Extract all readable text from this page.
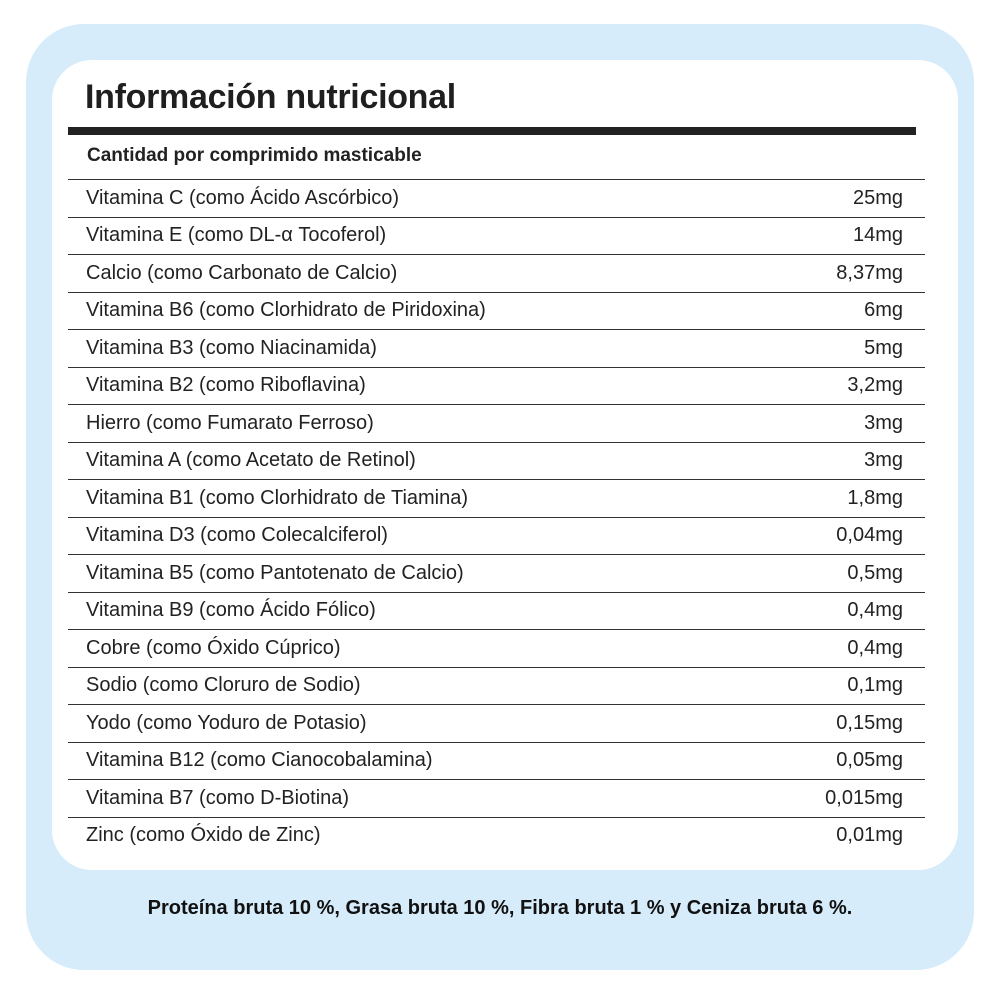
Información nutricional
Cantidad por comprimido masticable
Vitamina C (como Ácido Ascórbico)	25mg
Vitamina E (como DL-α Tocoferol)	14mg
Calcio (como Carbonato de Calcio)	8,37mg
Vitamina B6 (como Clorhidrato de Piridoxina)	6mg
Vitamina B3 (como Niacinamida)	5mg
Vitamina B2 (como Riboflavina)	3,2mg
Hierro (como Fumarato Ferroso)	3mg
Vitamina A (como Acetato de Retinol)	3mg
Vitamina B1 (como Clorhidrato de Tiamina)	1,8mg
Vitamina D3 (como Colecalciferol)	0,04mg
Vitamina B5 (como Pantotenato de Calcio)	0,5mg
Vitamina B9 (como Ácido Fólico)	0,4mg
Cobre (como Óxido Cúprico)	0,4mg
Sodio (como Cloruro de Sodio)	0,1mg
Yodo (como Yoduro de Potasio)	0,15mg
Vitamina B12 (como Cianocobalamina)	0,05mg
Vitamina B7 (como D-Biotina)	0,015mg
Zinc (como Óxido de Zinc)	0,01mg
Proteína bruta 10 %, Grasa bruta 10 %, Fibra bruta 1 % y Ceniza bruta 6 %.
